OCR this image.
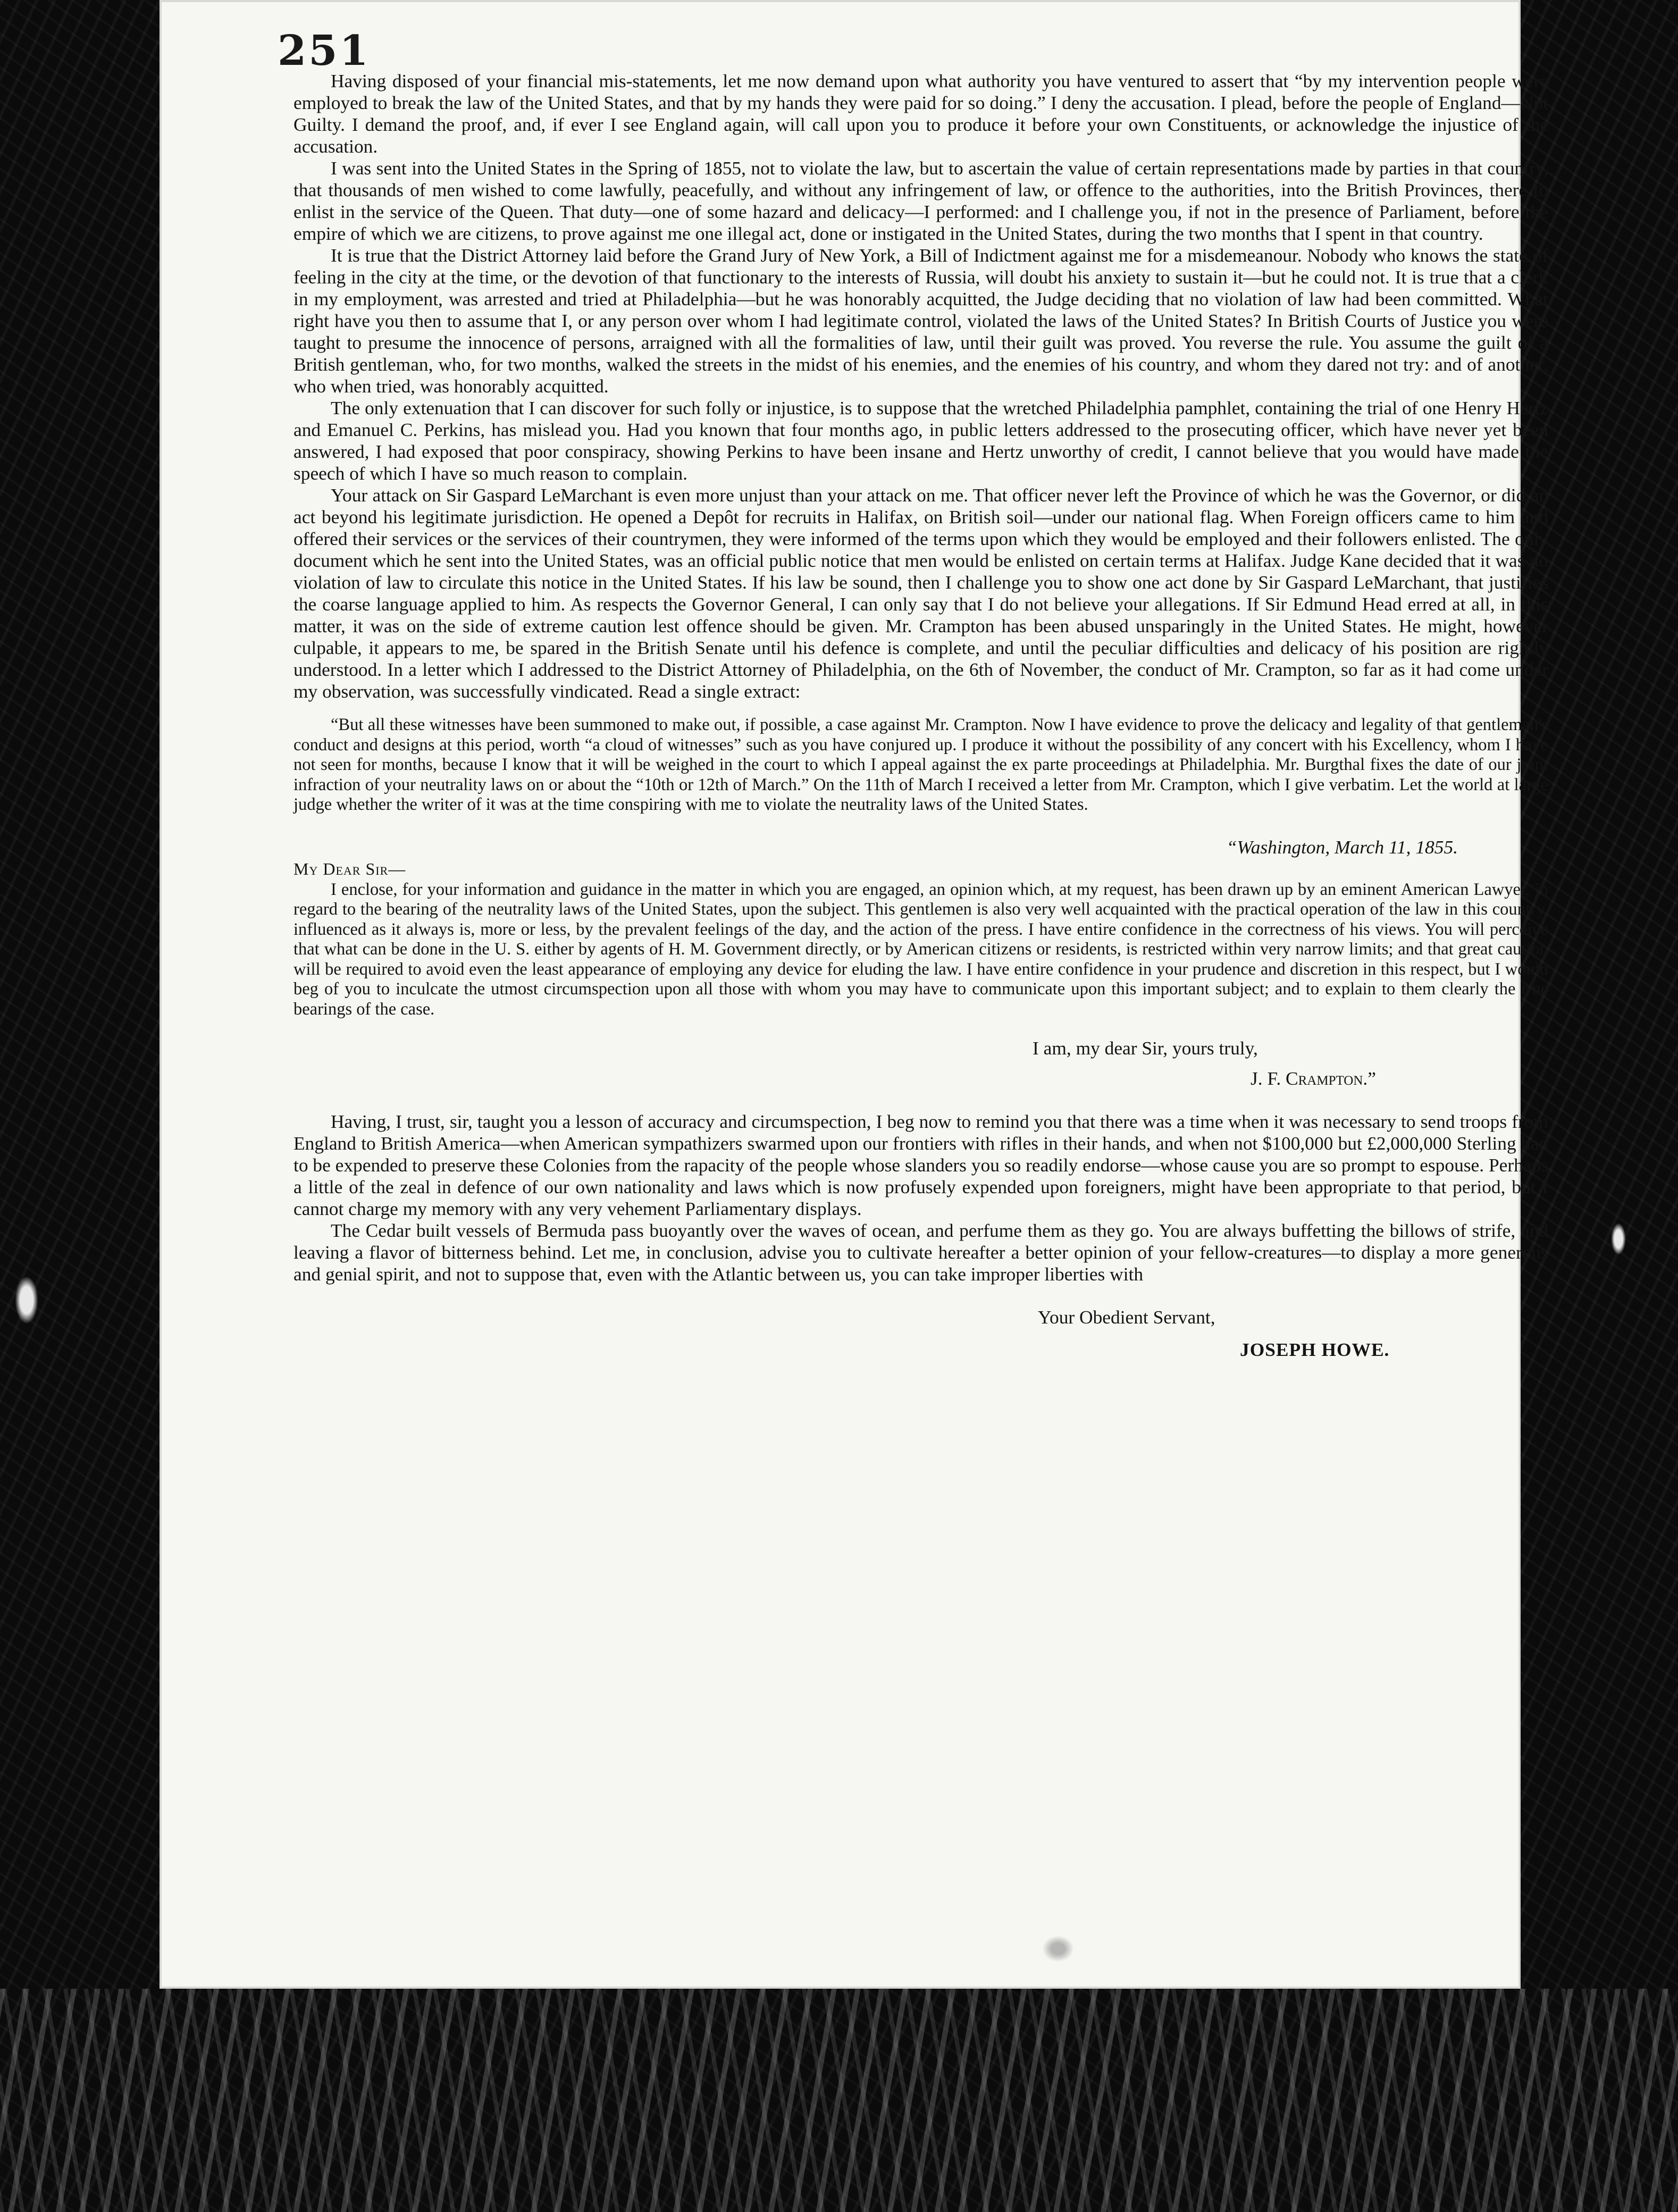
251

Having disposed of your financial mis-statements, let me now demand upon what authority you have ventured to assert that “by my intervention people were employed to break the law of the United States, and that by my hands they were paid for so doing.” I deny the accusation. I plead, before the people of England—Not Guilty. I demand the proof, and, if ever I see England again, will call upon you to produce it before your own Constituents, or acknowledge the injustice of the accusation.

I was sent into the United States in the Spring of 1855, not to violate the law, but to ascertain the value of certain representations made by parties in that country, that thousands of men wished to come lawfully, peacefully, and without any infringement of law, or offence to the authorities, into the British Provinces, there to enlist in the service of the Queen. That duty—one of some hazard and delicacy—I performed: and I challenge you, if not in the presence of Parliament, before the empire of which we are citizens, to prove against me one illegal act, done or instigated in the United States, during the two months that I spent in that country.

It is true that the District Attorney laid before the Grand Jury of New York, a Bill of Indictment against me for a misdemeanour. Nobody who knows the state of feeling in the city at the time, or the devotion of that functionary to the interests of Russia, will doubt his anxiety to sustain it—but he could not. It is true that a clerk in my employment, was arrested and tried at Philadelphia—but he was honorably acquitted, the Judge deciding that no violation of law had been committed. What right have you then to assume that I, or any person over whom I had legitimate control, violated the laws of the United States? In British Courts of Justice you were taught to presume the innocence of persons, arraigned with all the formalities of law, until their guilt was proved. You reverse the rule. You assume the guilt of a British gentleman, who, for two months, walked the streets in the midst of his enemies, and the enemies of his country, and whom they dared not try: and of another, who when tried, was honorably acquitted.

The only extenuation that I can discover for such folly or injustice, is to suppose that the wretched Philadelphia pamphlet, containing the trial of one Henry Hertz and Emanuel C. Perkins, has mislead you. Had you known that four months ago, in public letters addressed to the prosecuting officer, which have never yet been answered, I had exposed that poor conspiracy, showing Perkins to have been insane and Hertz unworthy of credit, I cannot believe that you would have made the speech of which I have so much reason to complain.

Your attack on Sir Gaspard LeMarchant is even more unjust than your attack on me. That officer never left the Province of which he was the Governor, or did an act beyond his legitimate jurisdiction. He opened a Depôt for recruits in Halifax, on British soil—under our national flag. When Foreign officers came to him and offered their services or the services of their countrymen, they were informed of the terms upon which they would be employed and their followers enlisted. The only document which he sent into the United States, was an official public notice that men would be enlisted on certain terms at Halifax. Judge Kane decided that it was no violation of law to circulate this notice in the United States. If his law be sound, then I challenge you to show one act done by Sir Gaspard LeMarchant, that justifies the coarse language applied to him. As respects the Governor General, I can only say that I do not believe your allegations. If Sir Edmund Head erred at all, in this matter, it was on the side of extreme caution lest offence should be given. Mr. Crampton has been abused unsparingly in the United States. He might, however culpable, it appears to me, be spared in the British Senate until his defence is complete, and until the peculiar difficulties and delicacy of his position are rightly understood. In a letter which I addressed to the District Attorney of Philadelphia, on the 6th of November, the conduct of Mr. Crampton, so far as it had come under my observation, was successfully vindicated. Read a single extract:

“But all these witnesses have been summoned to make out, if possible, a case against Mr. Crampton. Now I have evidence to prove the delicacy and legality of that gentleman's conduct and designs at this period, worth “a cloud of witnesses” such as you have conjured up. I produce it without the possibility of any concert with his Excellency, whom I have not seen for months, because I know that it will be weighed in the court to which I appeal against the ex parte proceedings at Philadelphia. Mr. Burgthal fixes the date of our joint infraction of your neutrality laws on or about the “10th or 12th of March.” On the 11th of March I received a letter from Mr. Crampton, which I give verbatim. Let the world at large judge whether the writer of it was at the time conspiring with me to violate the neutrality laws of the United States.

“Washington, March 11, 1855.

My Dear Sir—

I enclose, for your information and guidance in the matter in which you are engaged, an opinion which, at my request, has been drawn up by an eminent American Lawyer, in regard to the bearing of the neutrality laws of the United States, upon the subject. This gentlemen is also very well acquainted with the practical operation of the law in this country, influenced as it always is, more or less, by the prevalent feelings of the day, and the action of the press. I have entire confidence in the correctness of his views. You will perceive that what can be done in the U. S. either by agents of H. M. Government directly, or by American citizens or residents, is restricted within very narrow limits; and that great caution will be required to avoid even the least appearance of employing any device for eluding the law. I have entire confidence in your prudence and discretion in this respect, but I would beg of you to inculcate the utmost circumspection upon all those with whom you may have to communicate upon this important subject; and to explain to them clearly the true bearings of the case.

I am, my dear Sir, yours truly,

J. F. Crampton.”

Having, I trust, sir, taught you a lesson of accuracy and circumspection, I beg now to remind you that there was a time when it was necessary to send troops from England to British America—when American sympathizers swarmed upon our frontiers with rifles in their hands, and when not $100,000 but £2,000,000 Sterling had to be expended to preserve these Colonies from the rapacity of the people whose slanders you so readily endorse—whose cause you are so prompt to espouse. Perhaps a little of the zeal in defence of our own nationality and laws which is now profusely expended upon foreigners, might have been appropriate to that period, but I cannot charge my memory with any very vehement Parliamentary displays.

The Cedar built vessels of Bermuda pass buoyantly over the waves of ocean, and perfume them as they go. You are always buffetting the billows of strife, and leaving a flavor of bitterness behind. Let me, in conclusion, advise you to cultivate hereafter a better opinion of your fellow-creatures—to display a more generous and genial spirit, and not to suppose that, even with the Atlantic between us, you can take improper liberties with

Your Obedient Servant,

JOSEPH HOWE.
